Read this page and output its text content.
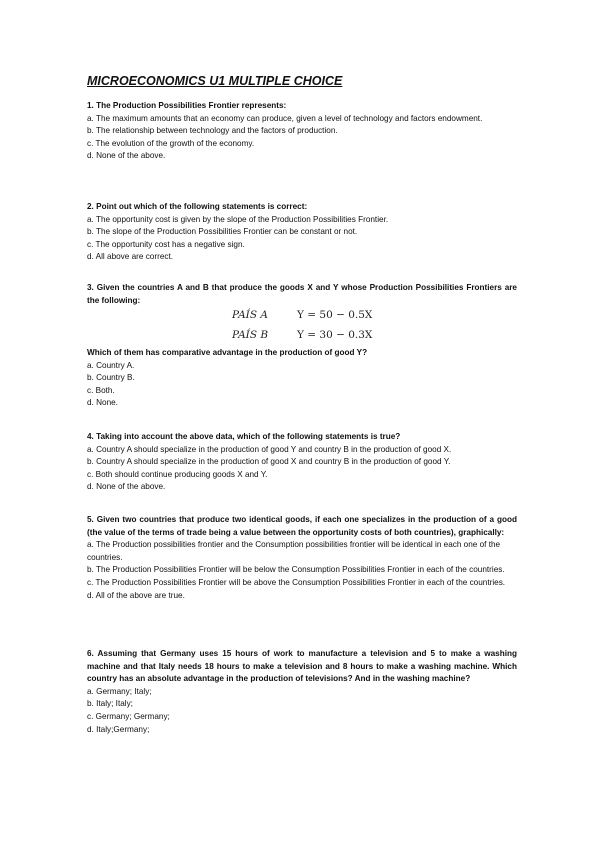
MICROECONOMICS U1 MULTIPLE CHOICE
1. The Production Possibilities Frontier represents:
a. The maximum amounts that an economy can produce, given a level of technology and factors endowment.
b. The relationship between technology and the factors of production.
c. The evolution of the growth of the economy.
d. None of the above.
2. Point out which of the following statements is correct:
a. The opportunity cost is given by the slope of the Production Possibilities Frontier.
b. The slope of the Production Possibilities Frontier can be constant or not.
c. The opportunity cost has a negative sign.
d. All above are correct.
3. Given the countries A and B that produce the goods X and Y whose Production Possibilities Frontiers are the following:
PAÍS A	Y = 50 − 0.5X
PAÍS B	Y = 30 − 0.3X
Which of them has comparative advantage in the production of good Y?
a. Country A.
b. Country B.
c. Both.
d. None.
4. Taking into account the above data, which of the following statements is true?
a. Country A should specialize in the production of good Y and country B in the production of good X.
b. Country A should specialize in the production of good X and country B in the production of good Y.
c. Both should continue producing goods X and Y.
d. None of the above.
5. Given two countries that produce two identical goods, if each one specializes in the production of a good (the value of the terms of trade being a value between the opportunity costs of both countries), graphically:
a. The Production possibilities frontier and the Consumption possibilities frontier will be identical in each one of the countries.
b. The Production Possibilities Frontier will be below the Consumption Possibilities Frontier in each of the countries.
c. The Production Possibilities Frontier will be above the Consumption Possibilities Frontier in each of the countries.
d. All of the above are true.
6. Assuming that Germany uses 15 hours of work to manufacture a television and 5 to make a washing machine and that Italy needs 18 hours to make a television and 8 hours to make a washing machine. Which country has an absolute advantage in the production of televisions? And in the washing machine?
a. Germany; Italy;
b. Italy; Italy;
c. Germany; Germany;
d. Italy;Germany;
